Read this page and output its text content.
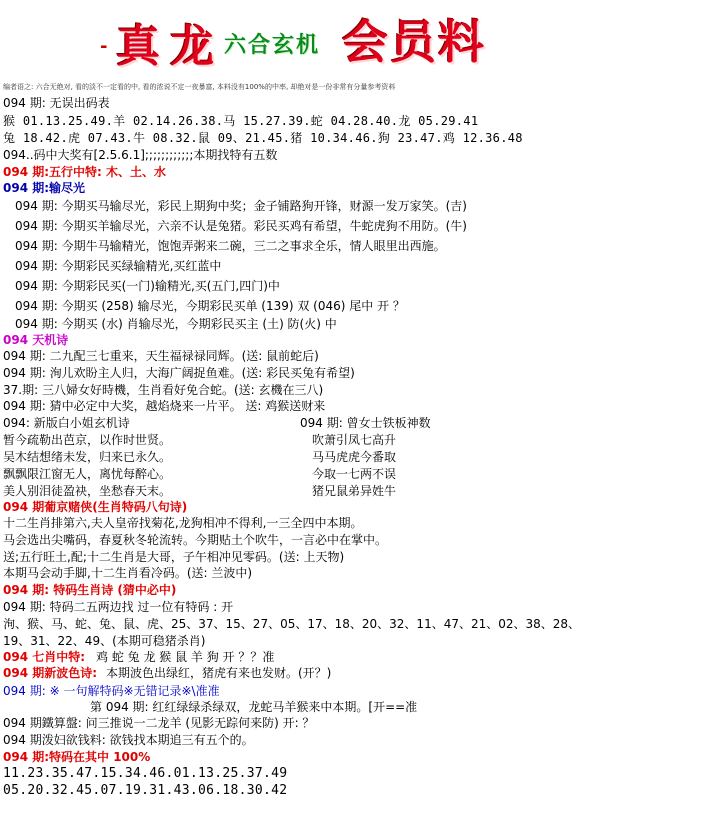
- 真 龙 六合玄机 会员料
编者语之: 六合无绝对, 看的淡不一定看的中, 看的浓说不定一夜暴富, 本料没有100%的中率, 却绝对是一份非常有分量参考资料
094 期: 无误出码表
猴 01.13.25.49.羊 02.14.26.38.马 15.27.39.蛇 04.28.40.龙 05.29.41
兔 18.42.虎 07.43.牛 08.32.鼠 09、21.45.猪 10.34.46.狗 23.47.鸡 12.36.48
094..码中大奖有[2.5.6.1];;;;;;;;;;;;本期找特有五数
094 期:五行中特: 木、土、水
094 期:输尽光
094 期: 今期买马输尽光，彩民上期狗中奖；金子铺路狗开锋，财源一发万家笑。(吉)
094 期: 今期买羊输尽光，六亲不认是兔猪。彩民买鸡有希望，牛蛇虎狗不用防。(牛)
094 期: 今期牛马输精光，饱饱弄粥来二碗，三二之事求全乐，情人眼里出西施。
094 期: 今期彩民买绿输精光,买红蓝中
094 期: 今期彩民买(一门)输精光,买(五门,四门)中
094 期: 今期买 (258) 输尽光，今期彩民买单 (139) 双 (046) 尾中 开 ？
094 期: 今期买 (水) 肖输尽光，今期彩民买主 (土) 防(火) 中
094 天机诗
094 期: 二九配三七重来，天生福禄禄同辉。(送: 鼠前蛇后)
094 期: 洵儿欢盼主人归，大海广阔捉鱼难。(送: 彩民买兔有希望)
37.期: 三八婦女好時機，生肖看好免合蛇。(送: 玄機在三八)
094 期: 猜中必定中大奖，越焰烧来一片平。 送: 鸡猴送财来
094: 新版白小姐玄机诗	094 期: 曾女士铁板神数
暂今疏勒出芭京，以作时世贤。	吹萧引凤七高升
吴木结想绪未发，归来已永久。	马马虎虎今番取
飘飘限江窗无人，离忧每醉心。	今取一七两不误
美人别泪徒盈袂，坐愁春天末。	猪兄鼠弟异姓牛
094 期葡京赌侠(生肖特码八句诗)
十二生肖排第六,夫人皇帝找菊花,龙狗相冲不得利,一三全四中本期。
马会选出尖嘴码，春夏秋冬轮流转。今期贴土个吹牛，一言必中在掌中。
送;五行旺土,配;十二生肖是大哥，子午相冲见零码。(送: 上天物)
本期马会动手脚,十二生肖看冷码。(送: 兰波中)
094 期: 特码生肖诗 (猜中必中)
094 期: 特码二五两边找 过一位有特码 : 开
洵、猴、马、蛇、兔、鼠、虎、25、37、15、27、05、17、18、20、32、11、47、21、02、38、28、
19、31、22、49、(本期可稳猪杀肖)
094 七肖中特: 鸡 蛇 兔 龙 猴 鼠 羊 狗 开 ？？准
094 期新波色诗: 本期波色出绿红，猪虎有来也发财。(开？)
094 期: ※ 一句解特码※无错记录※\准准
第 094 期: 红红绿绿杀绿双，龙蛇马羊猴来中本期。[开==准
094 期鐵算盤: 问三推说一二龙羊 (见影无踪何来防) 开: ？
094 期泼妇欲钱料: 欲钱找本期追三有五个的。
094 期:特码在其中 100%
11.23.35.47.15.34.46.01.13.25.37.49
05.20.32.45.07.19.31.43.06.18.30.42
